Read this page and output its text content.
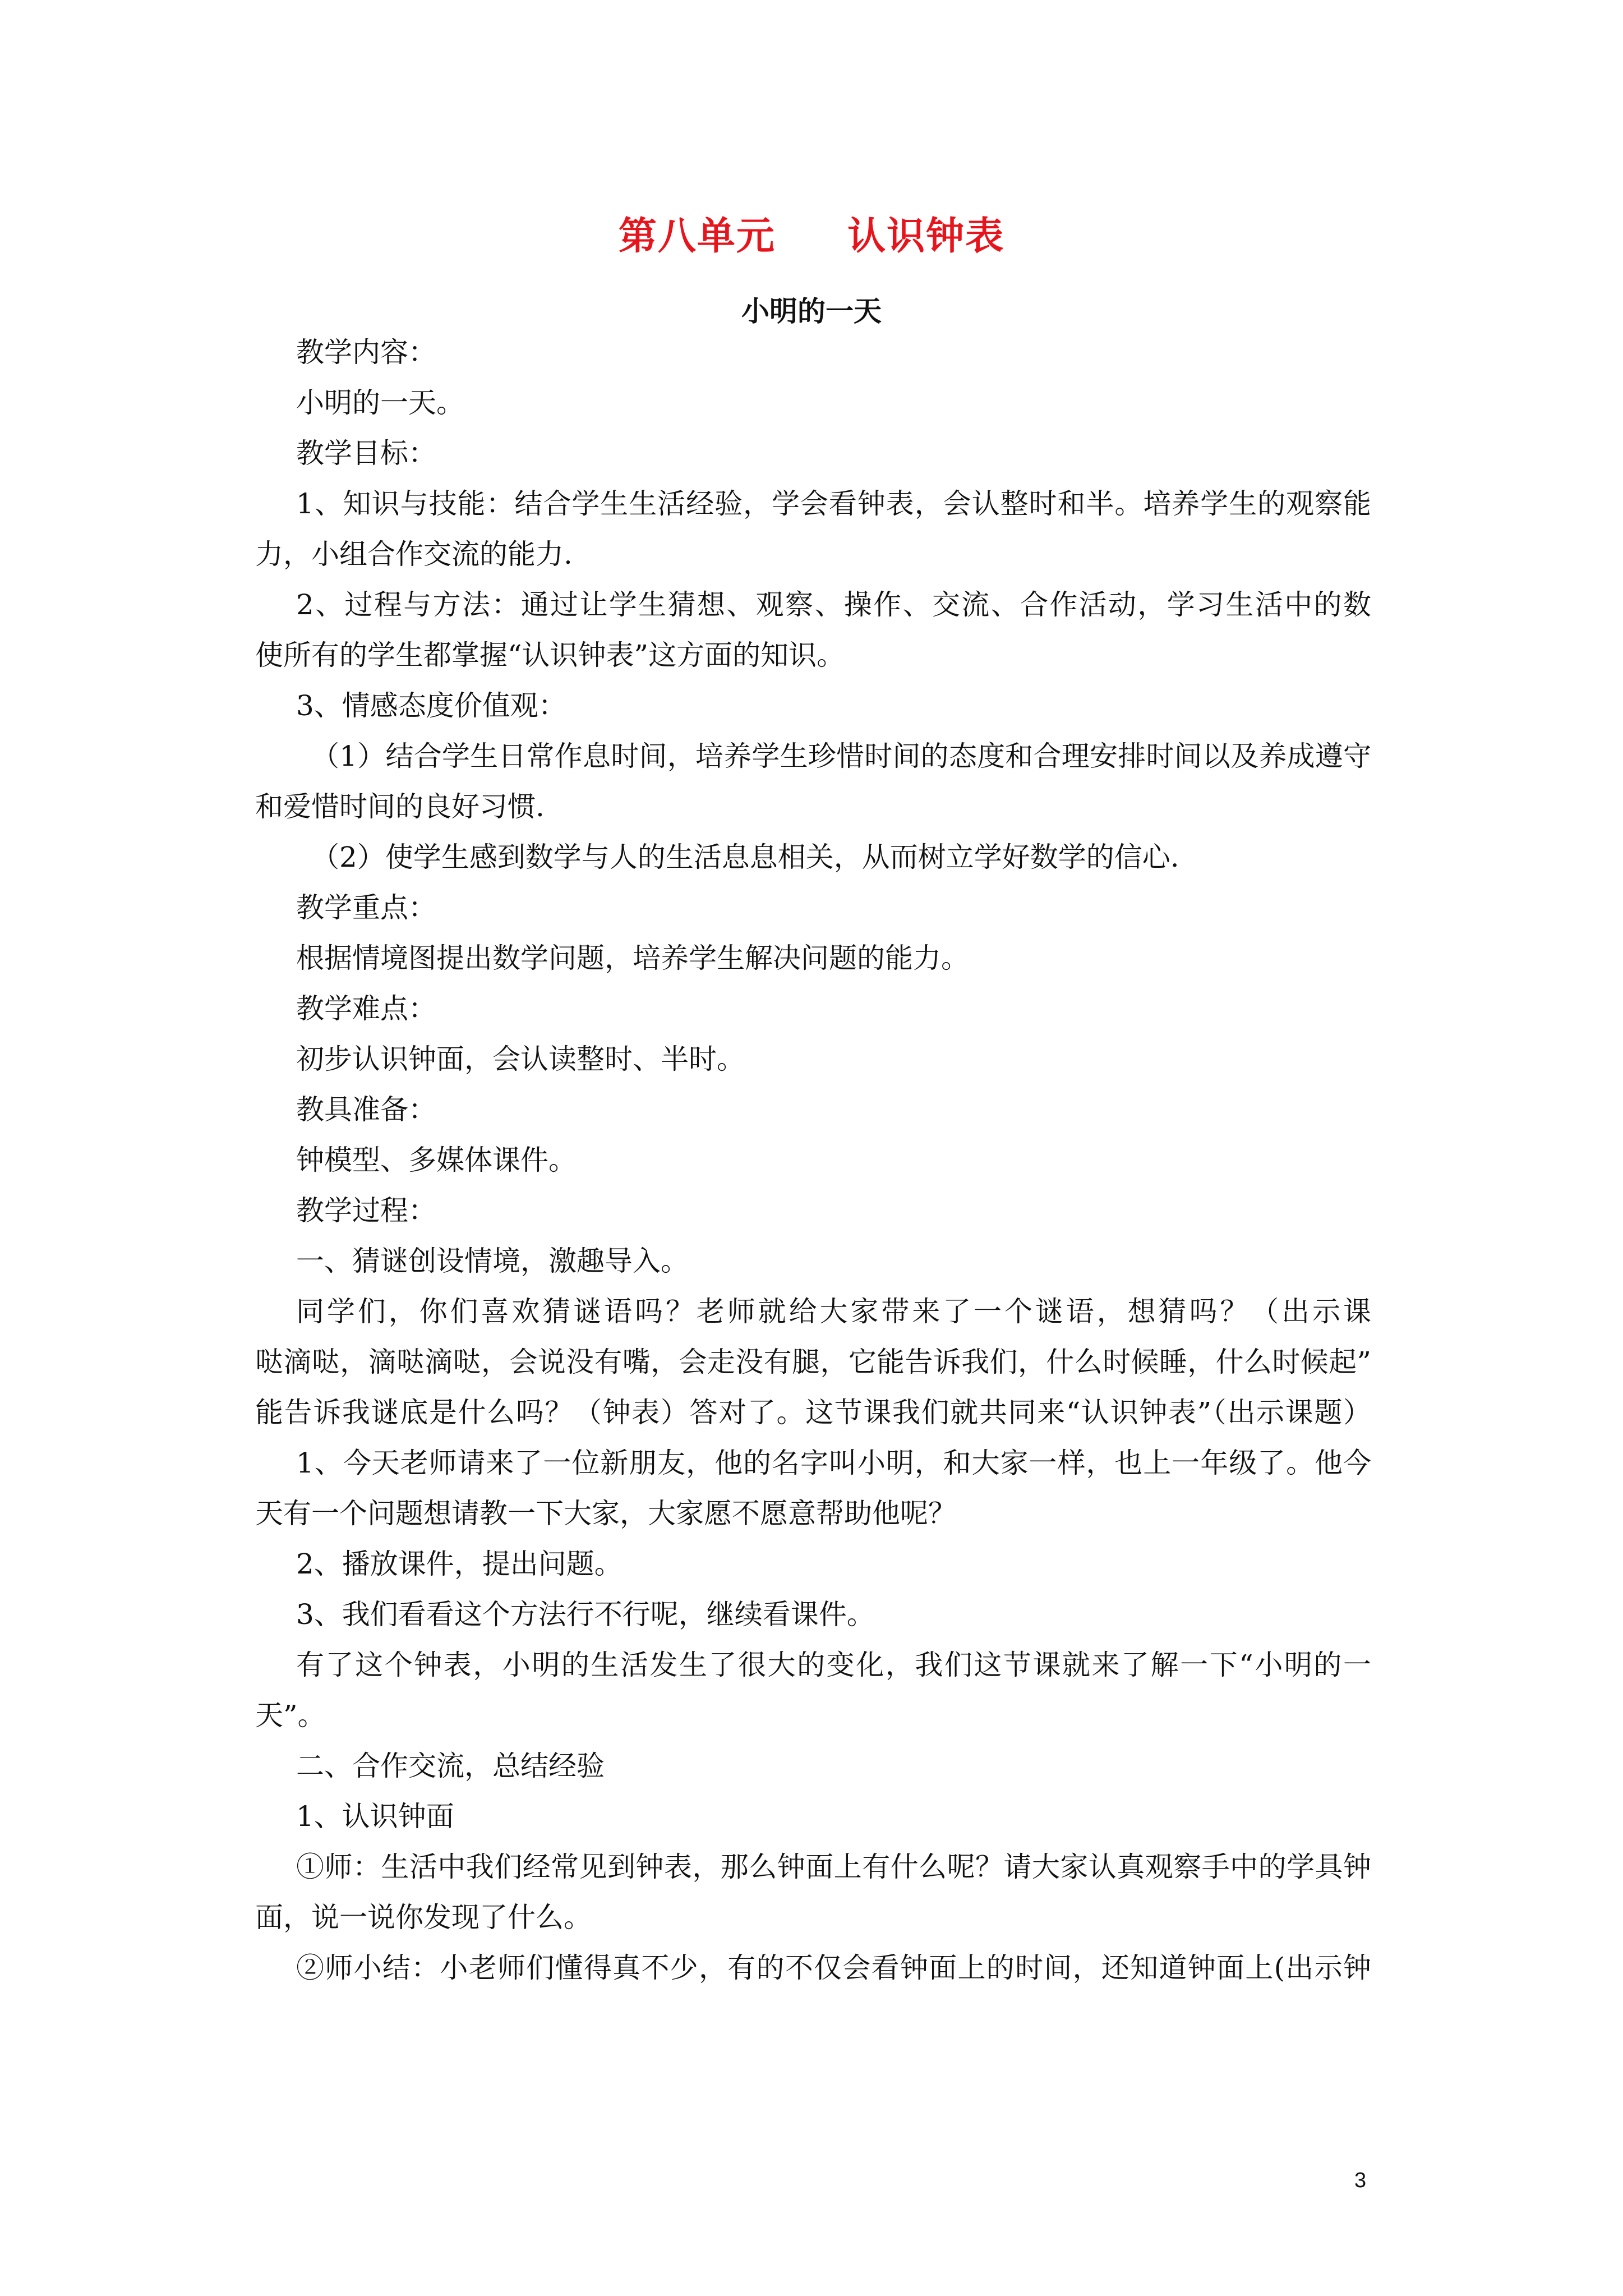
第八单元     认识钟表
小明的一天
教学内容：
小明的一天。
教学目标：
1、知识与技能：结合学生生活经验，学会看钟表，会认整时和半。培养学生的观察能
力，小组合作交流的能力.
2、过程与方法：通过让学生猜想、观察、操作、交流、合作活动，学习生活中的数
使所有的学生都掌握“认识钟表”这方面的知识。
3、情感态度价值观：
（1）结合学生日常作息时间，培养学生珍惜时间的态度和合理安排时间以及养成遵守
和爱惜时间的良好习惯.
（2）使学生感到数学与人的生活息息相关，从而树立学好数学的信心.
教学重点：
根据情境图提出数学问题，培养学生解决问题的能力。
教学难点：
初步认识钟面，会认读整时、半时。
教具准备：
钟模型、多媒体课件。
教学过程：
一、猜谜创设情境，激趣导入。
同学们，你们喜欢猜谜语吗？老师就给大家带来了一个谜语，想猜吗？（出示课
哒滴哒，滴哒滴哒，会说没有嘴，会走没有腿，它能告诉我们，什么时候睡，什么时候起”
能告诉我谜底是什么吗？（钟表）答对了。这节课我们就共同来“认识钟表”（出示课题）
1、今天老师请来了一位新朋友，他的名字叫小明，和大家一样，也上一年级了。他今
天有一个问题想请教一下大家，大家愿不愿意帮助他呢？
2、播放课件，提出问题。
3、我们看看这个方法行不行呢，继续看课件。
有了这个钟表，小明的生活发生了很大的变化，我们这节课就来了解一下“小明的一
天”。
二、合作交流，总结经验
1、认识钟面
①师：生活中我们经常见到钟表，那么钟面上有什么呢？请大家认真观察手中的学具钟
面，说一说你发现了什么。
②师小结：小老师们懂得真不少，有的不仅会看钟面上的时间，还知道钟面上(出示钟
3
